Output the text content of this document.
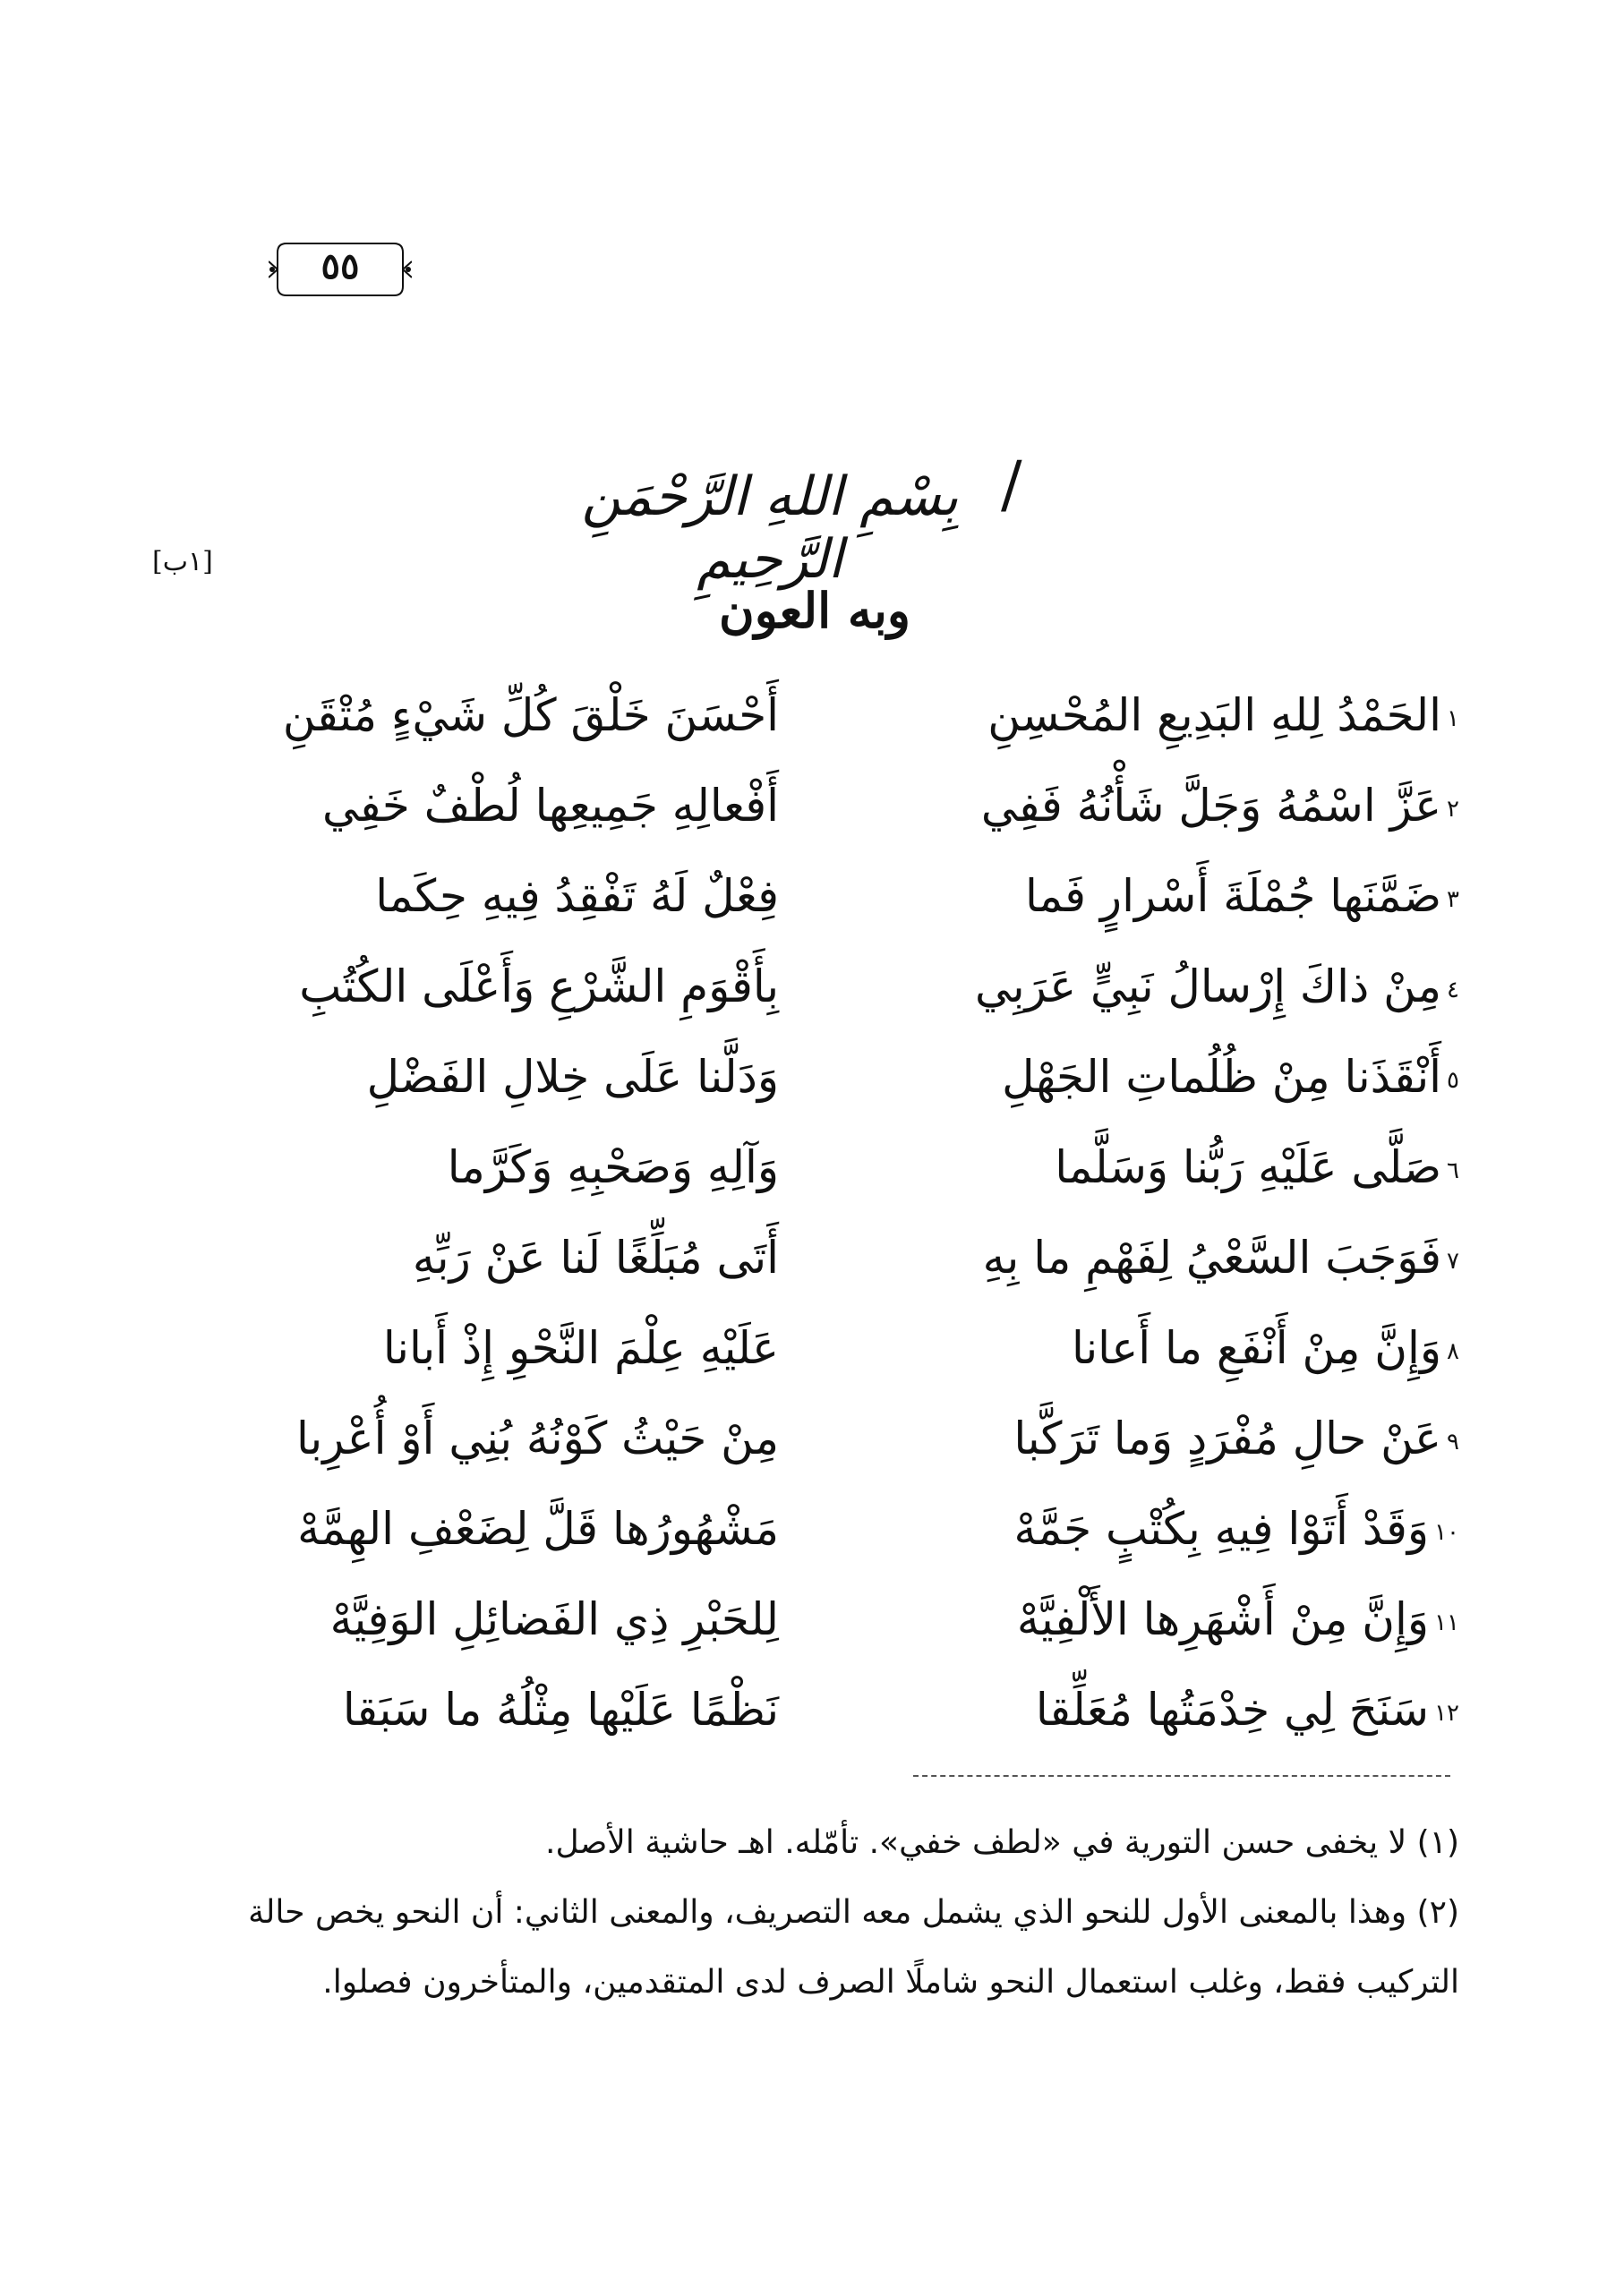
٥٥
/
بِسْمِ اللهِ الرَّحْمَنِ الرَّحِيمِ
[١ب]
وبه العون
١الحَمْدُ لِلهِ البَدِيعِ المُحْسِنِ
أَحْسَنَ خَلْقَ كُلِّ شَيْءٍ مُتْقَنِ
٢عَزَّ اسْمُهُ وَجَلَّ شَأْنُهُ فَفِي
أَفْعالِهِ جَمِيعِها لُطْفٌ خَفِي
٣ضَمَّنَها جُمْلَةَ أَسْرارٍ فَما
فِعْلٌ لَهُ تَفْقِدُ فِيهِ حِكَما
٤مِنْ ذاكَ إِرْسالُ نَبِيٍّ عَرَبِي
بِأَقْوَمِ الشَّرْعِ وَأَعْلَى الكُتُبِ
٥أَنْقَذَنا مِنْ ظُلُماتِ الجَهْلِ
وَدَلَّنا عَلَى خِلالِ الفَضْلِ
٦صَلَّى عَلَيْهِ رَبُّنا وَسَلَّما
وَآلِهِ وَصَحْبِهِ وَكَرَّما
٧فَوَجَبَ السَّعْيُ لِفَهْمِ ما بِهِ
أَتَى مُبَلِّغًا لَنا عَنْ رَبِّهِ
٨وَإِنَّ مِنْ أَنْفَعِ ما أَعانا
عَلَيْهِ عِلْمَ النَّحْوِ إِذْ أَبانا
٩عَنْ حالِ مُفْرَدٍ وَما تَرَكَّبا
مِنْ حَيْثُ كَوْنُهُ بُنِي أَوْ أُعْرِبا
١٠وَقَدْ أَتَوْا فِيهِ بِكُتْبٍ جَمَّهْ
مَشْهُورُها قَلَّ لِضَعْفِ الهِمَّهْ
١١وَإِنَّ مِنْ أَشْهَرِها الأَلْفِيَّهْ
لِلحَبْرِ ذِي الفَضائِلِ الوَفِيَّهْ
١٢سَنَحَ لِي خِدْمَتُها مُعَلِّقا
نَظْمًا عَلَيْها مِثْلُهُ ما سَبَقا

(١) لا يخفى حسن التورية في «لطف خفي». تأمّله. اهـ حاشية الأصل.

(٢) وهذا بالمعنى الأول للنحو الذي يشمل معه التصريف، والمعنى الثاني: أن النحو يخص حالة التركيب فقط، وغلب استعمال النحو شاملًا الصرف لدى المتقدمين، والمتأخرون فصلوا.
